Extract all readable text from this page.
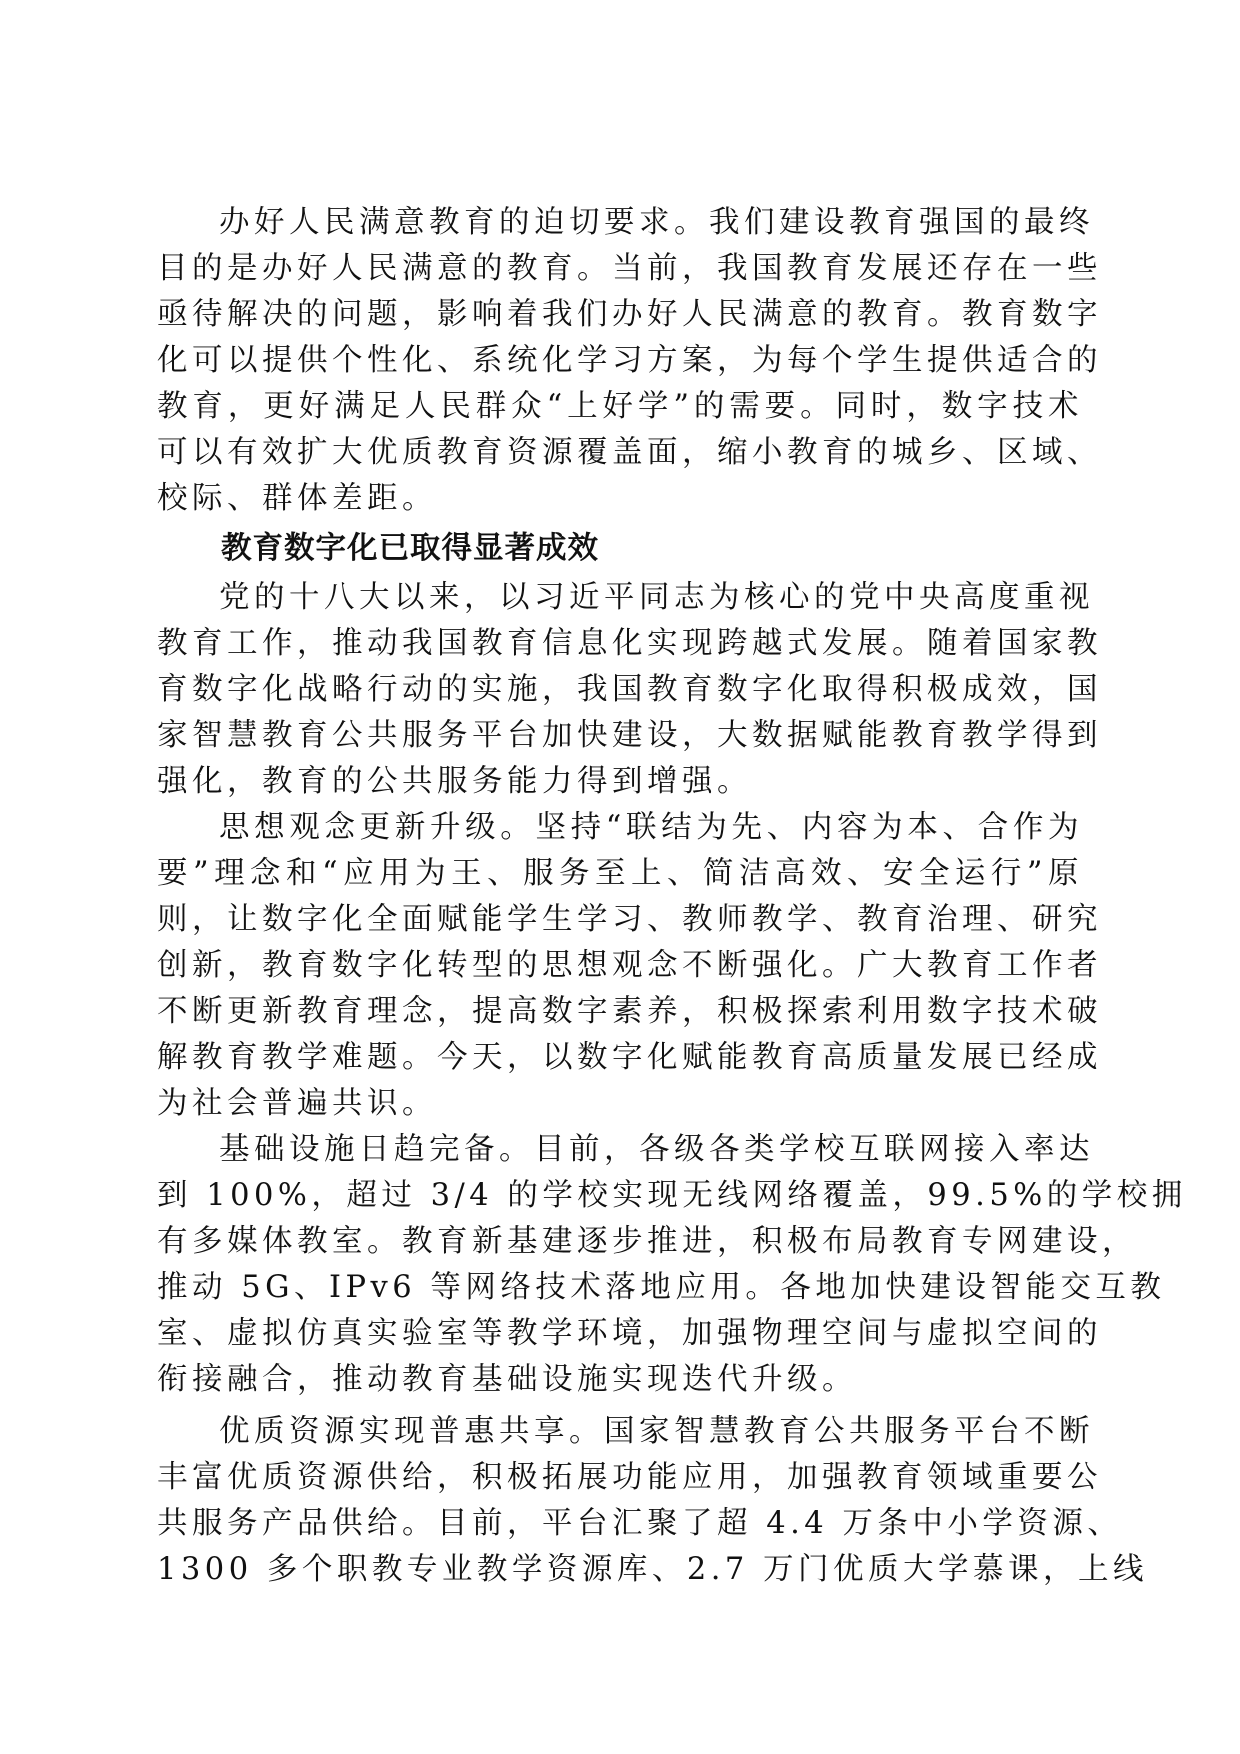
办好人民满意教育的迫切要求。我们建设教育强国的最终
目的是办好人民满意的教育。当前，我国教育发展还存在一些
亟待解决的问题，影响着我们办好人民满意的教育。教育数字
化可以提供个性化、系统化学习方案，为每个学生提供适合的
教育，更好满足人民群众“上好学”的需要。同时，数字技术
可以有效扩大优质教育资源覆盖面，缩小教育的城乡、区域、
校际、群体差距。
教育数字化已取得显著成效
党的十八大以来，以习近平同志为核心的党中央高度重视
教育工作，推动我国教育信息化实现跨越式发展。随着国家教
育数字化战略行动的实施，我国教育数字化取得积极成效，国
家智慧教育公共服务平台加快建设，大数据赋能教育教学得到
强化，教育的公共服务能力得到增强。
思想观念更新升级。坚持“联结为先、内容为本、合作为
要”理念和“应用为王、服务至上、简洁高效、安全运行”原
则，让数字化全面赋能学生学习、教师教学、教育治理、研究
创新，教育数字化转型的思想观念不断强化。广大教育工作者
不断更新教育理念，提高数字素养，积极探索利用数字技术破
解教育教学难题。今天，以数字化赋能教育高质量发展已经成
为社会普遍共识。
基础设施日趋完备。目前，各级各类学校互联网接入率达
到 100%，超过 3/4 的学校实现无线网络覆盖，99.5%的学校拥
有多媒体教室。教育新基建逐步推进，积极布局教育专网建设，
推动 5G、IPv6 等网络技术落地应用。各地加快建设智能交互教
室、虚拟仿真实验室等教学环境，加强物理空间与虚拟空间的
衔接融合，推动教育基础设施实现迭代升级。
优质资源实现普惠共享。国家智慧教育公共服务平台不断
丰富优质资源供给，积极拓展功能应用，加强教育领域重要公
共服务产品供给。目前，平台汇聚了超 4.4 万条中小学资源、
1300 多个职教专业教学资源库、2.7 万门优质大学慕课，上线
